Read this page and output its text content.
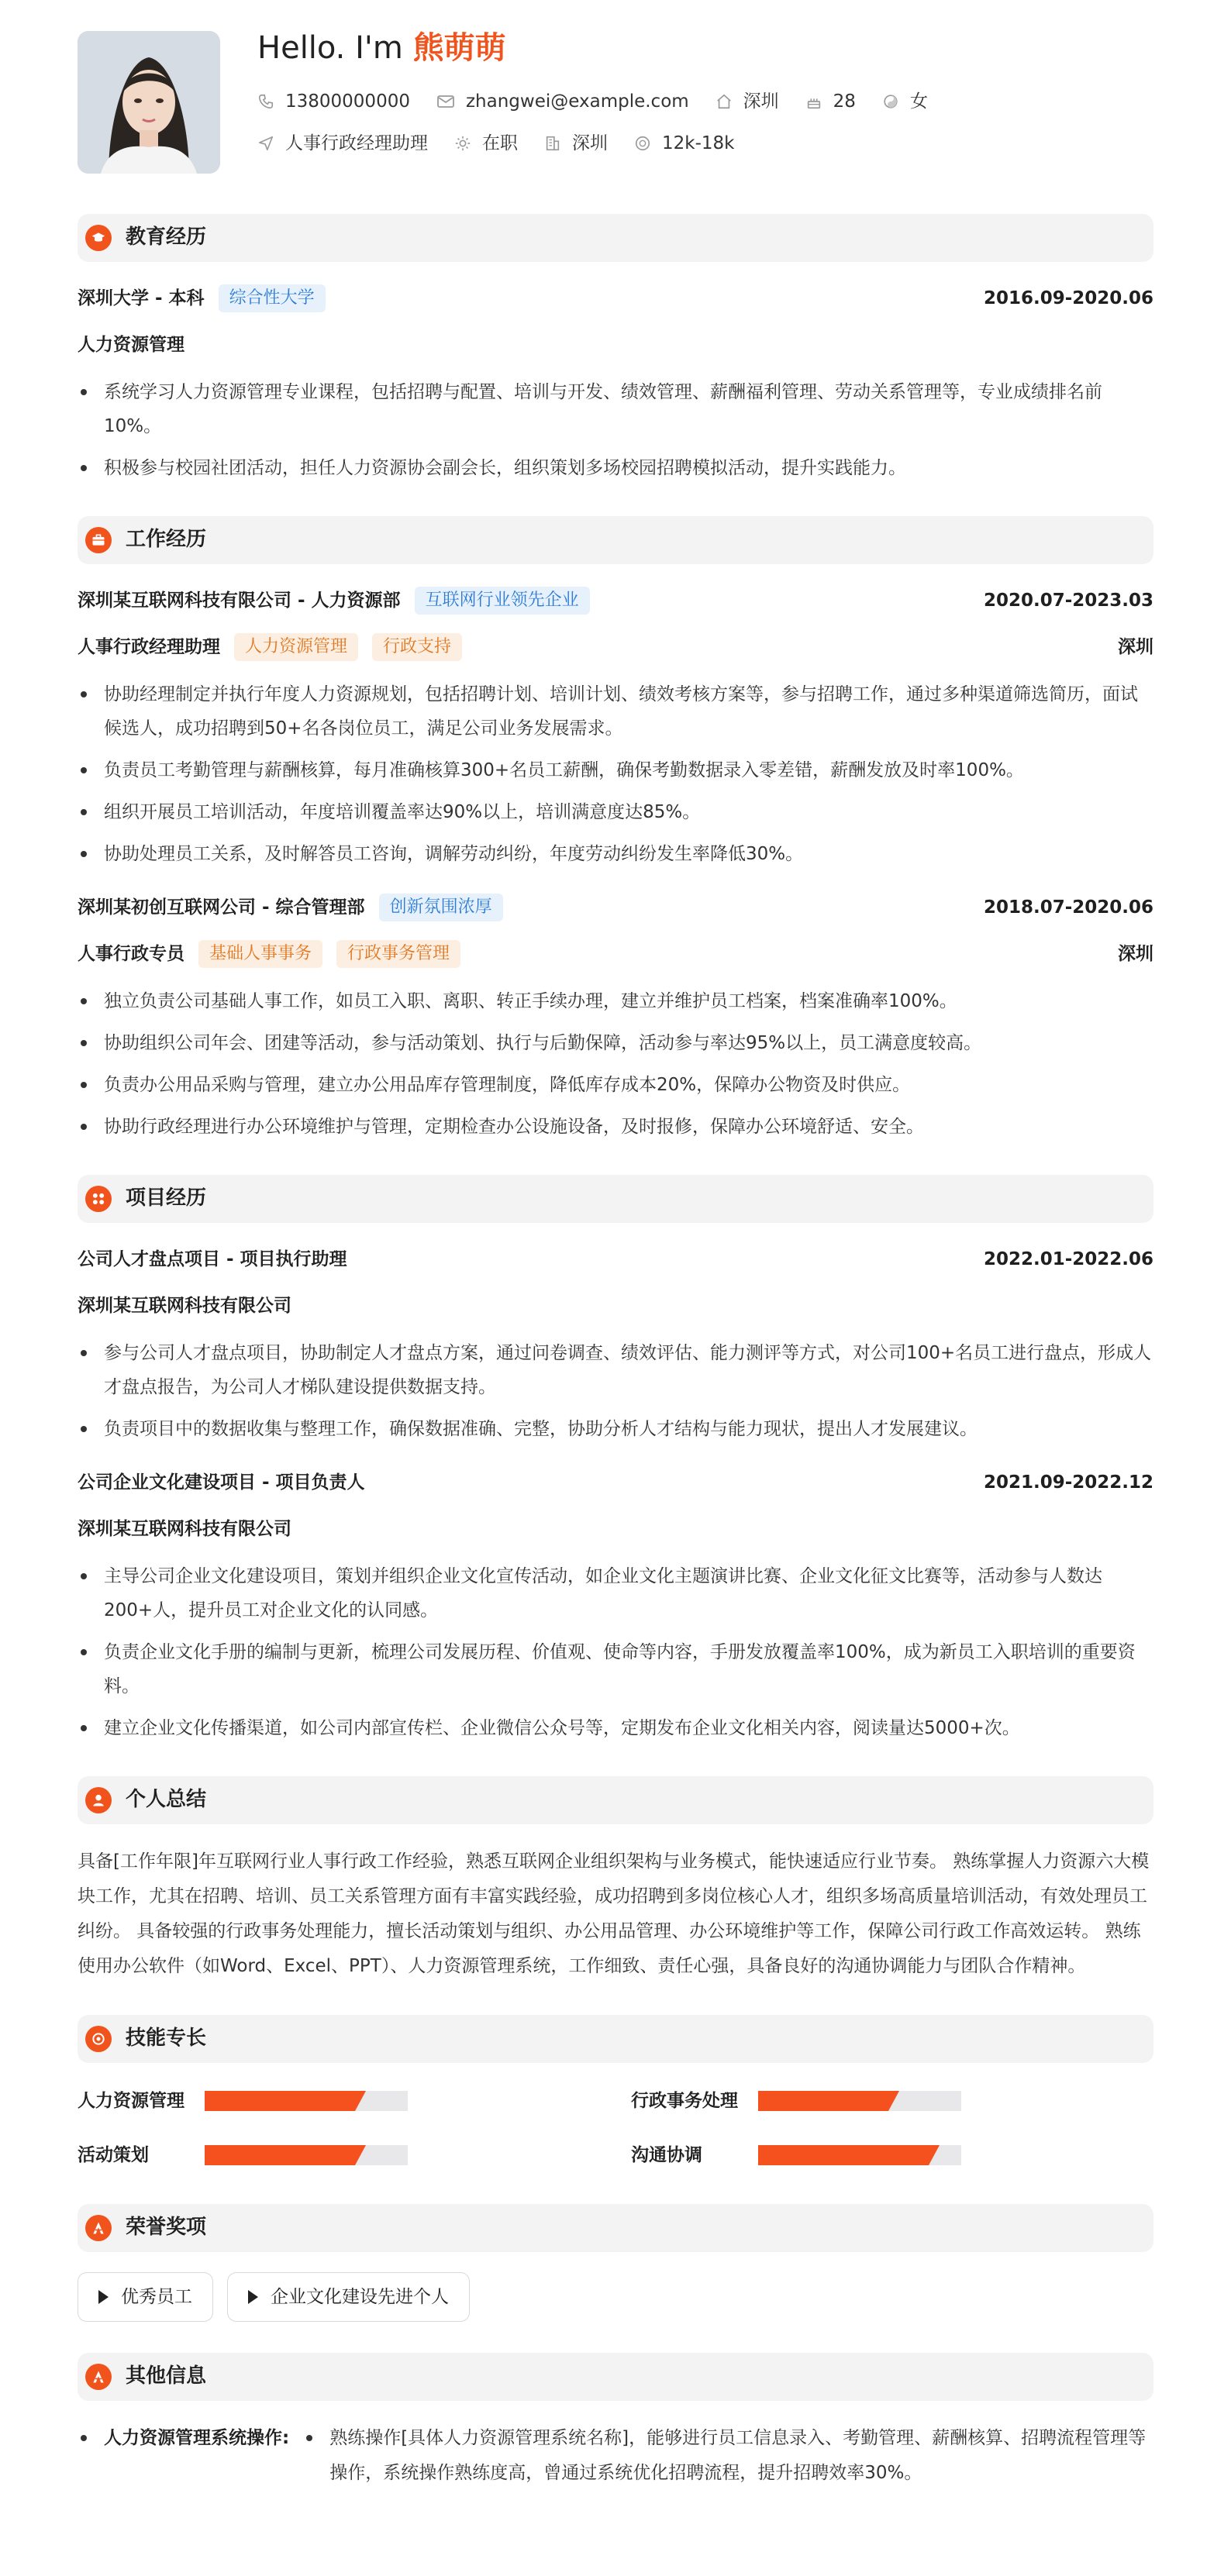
Hello. I'm 熊萌萌
13800000000	zhangwei@example.com	深圳	28	女
人事行政经理助理	在职	深圳	12k-18k
教育经历
深圳大学 - 本科	综合性大学	2016.09-2020.06
人力资源管理
系统学习人力资源管理专业课程，包括招聘与配置、培训与开发、绩效管理、薪酬福利管理、劳动关系管理等，专业成绩排名前10%。
积极参与校园社团活动，担任人力资源协会副会长，组织策划多场校园招聘模拟活动，提升实践能力。
工作经历
深圳某互联网科技有限公司 - 人力资源部	互联网行业领先企业	2020.07-2023.03
人事行政经理助理	人力资源管理	行政支持	深圳
协助经理制定并执行年度人力资源规划，包括招聘计划、培训计划、绩效考核方案等，参与招聘工作，通过多种渠道筛选简历，面试候选人，成功招聘到50+名各岗位员工，满足公司业务发展需求。
负责员工考勤管理与薪酬核算，每月准确核算300+名员工薪酬，确保考勤数据录入零差错，薪酬发放及时率100%。
组织开展员工培训活动，年度培训覆盖率达90%以上，培训满意度达85%。
协助处理员工关系，及时解答员工咨询，调解劳动纠纷，年度劳动纠纷发生率降低30%。
深圳某初创互联网公司 - 综合管理部	创新氛围浓厚	2018.07-2020.06
人事行政专员	基础人事事务	行政事务管理	深圳
独立负责公司基础人事工作，如员工入职、离职、转正手续办理，建立并维护员工档案，档案准确率100%。
协助组织公司年会、团建等活动，参与活动策划、执行与后勤保障，活动参与率达95%以上，员工满意度较高。
负责办公用品采购与管理，建立办公用品库存管理制度，降低库存成本20%，保障办公物资及时供应。
协助行政经理进行办公环境维护与管理，定期检查办公设施设备，及时报修，保障办公环境舒适、安全。
项目经历
公司人才盘点项目 - 项目执行助理	2022.01-2022.06
深圳某互联网科技有限公司
参与公司人才盘点项目，协助制定人才盘点方案，通过问卷调查、绩效评估、能力测评等方式，对公司100+名员工进行盘点，形成人才盘点报告，为公司人才梯队建设提供数据支持。
负责项目中的数据收集与整理工作，确保数据准确、完整，协助分析人才结构与能力现状，提出人才发展建议。
公司企业文化建设项目 - 项目负责人	2021.09-2022.12
深圳某互联网科技有限公司
主导公司企业文化建设项目，策划并组织企业文化宣传活动，如企业文化主题演讲比赛、企业文化征文比赛等，活动参与人数达200+人，提升员工对企业文化的认同感。
负责企业文化手册的编制与更新，梳理公司发展历程、价值观、使命等内容，手册发放覆盖率100%，成为新员工入职培训的重要资料。
建立企业文化传播渠道，如公司内部宣传栏、企业微信公众号等，定期发布企业文化相关内容，阅读量达5000+次。
个人总结
具备[工作年限]年互联网行业人事行政工作经验，熟悉互联网企业组织架构与业务模式，能快速适应行业节奏。 熟练掌握人力资源六大模块工作，尤其在招聘、培训、员工关系管理方面有丰富实践经验，成功招聘到多岗位核心人才，组织多场高质量培训活动，有效处理员工纠纷。 具备较强的行政事务处理能力，擅长活动策划与组织、办公用品管理、办公环境维护等工作，保障公司行政工作高效运转。 熟练使用办公软件（如Word、Excel、PPT）、人力资源管理系统，工作细致、责任心强，具备良好的沟通协调能力与团队合作精神。
技能专长
人力资源管理	行政事务处理
活动策划	沟通协调
荣誉奖项
优秀员工	企业文化建设先进个人
其他信息
人力资源管理系统操作:	熟练操作[具体人力资源管理系统名称]，能够进行员工信息录入、考勤管理、薪酬核算、招聘流程管理等操作，系统操作熟练度高，曾通过系统优化招聘流程，提升招聘效率30%。
